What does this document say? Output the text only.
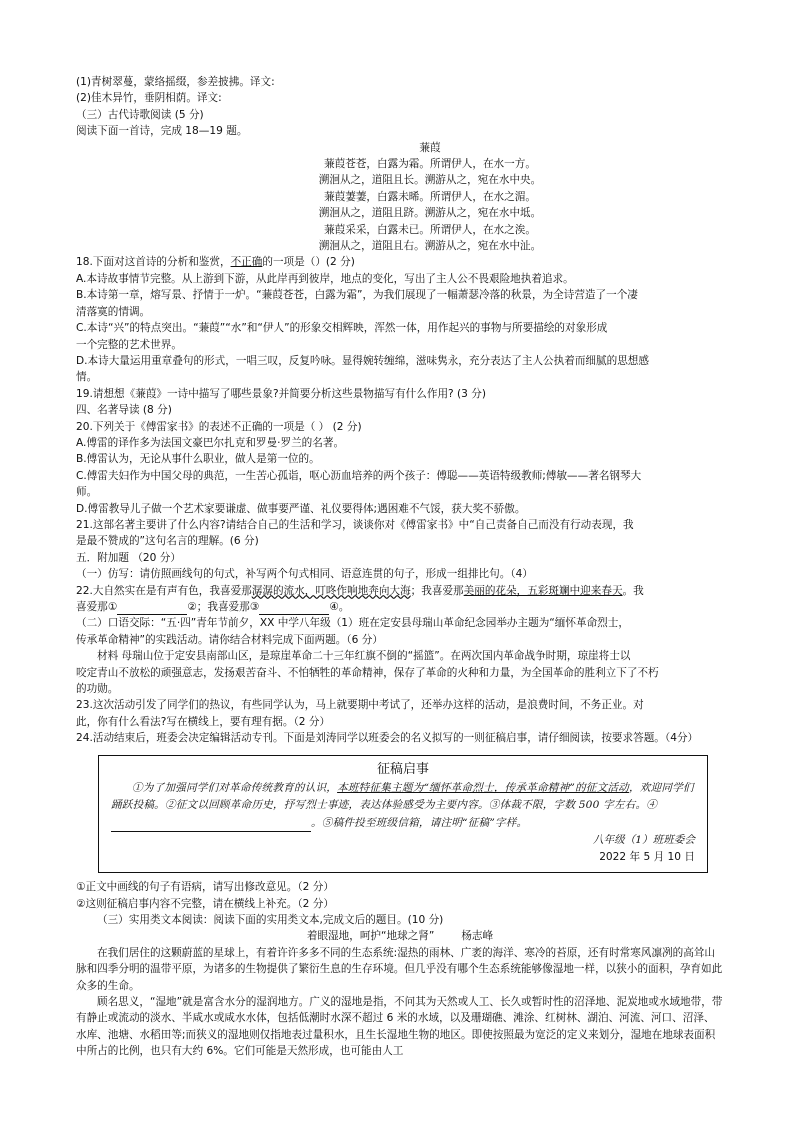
(1)青树翠蔓，蒙络摇缀，参差披拂。译文:
(2)佳木异竹，垂阴相荫。译文:
（三）古代诗歌阅读 (5 分)
阅读下面一首诗，完成 18—19 题。
蒹葭
蒹葭苍苍，白露为霜。所谓伊人，在水一方。
溯洄从之，道阻且长。溯游从之，宛在水中央。
蒹葭萋萋，白露未晞。所谓伊人，在水之湄。
溯洄从之，道阻且跻。溯游从之，宛在水中坻。
蒹葭采采，白露未已。所谓伊人，在水之涘。
溯洄从之，道阻且右。溯游从之，宛在水中沚。
18.下面对这首诗的分析和鉴赏，不正确的一项是（）(2 分)
A.本诗故事情节完整。从上游到下游，从此岸再到彼岸，地点的变化，写出了主人公不畏艰险地执着追求。
B.本诗第一章，熔写景、抒情于一炉。“蒹葭苍苍，白露为霜”，为我们展现了一幅萧瑟冷落的秋景，为全诗营造了一个凄
清落寞的情调。
C.本诗“兴”的特点突出。“蒹葭”“水”和“伊人”的形象交相辉映，浑然一体，用作起兴的事物与所要描绘的对象形成
一个完整的艺术世界。
D.本诗大量运用重章叠句的形式，一唱三叹，反复吟咏。显得婉转缠绵，滋味隽永，充分表达了主人公执着而细腻的思想感
情。
19.请想想《蒹葭》一诗中描写了哪些景象?并简要分析这些景物描写有什么作用? (3 分)
四、名著导读 (8 分)
20.下列关于《傅雷家书》的表述不正确的一项是（ ） (2 分)
A.傅雷的译作多为法国文豪巴尔扎克和罗曼·罗兰的名著。
B.傅雷认为，无论从事什么职业，做人是第一位的。
C.傅雷夫妇作为中国父母的典范，一生苦心孤诣，呕心沥血培养的两个孩子：傅聪——英语特级教师;傅敏——著名钢琴大
师。
D.傅雷教导儿子做一个艺术家要谦虚、做事要严谨、礼仪要得体;遇困难不气馁，获大奖不骄傲。
21.这部名著主要讲了什么内容?请结合自己的生活和学习，谈谈你对《傅雷家书》中“自己责备自己而没有行动表现，我
是最不赞成的”这句名言的理解。(6 分)
五．附加题 （20 分）
（一）仿写：请仿照画线句的句式，补写两个句式相同、语意连贯的句子，形成一组排比句。（4）
22.大自然实在是有声有色，我喜爱那潺潺的流水，叮咚作响地奔向大海；我喜爱那美丽的花朵，五彩斑斓中迎来春天。我
喜爱那①	②；我喜爱那③	④。
（二）口语交际：“五·四”青年节前夕，XX 中学八年级（1）班在定安县母瑞山革命纪念园举办主题为“缅怀革命烈士，
传承革命精神”的实践活动。请你结合材料完成下面两题。（6 分）
材料 母瑞山位于定安县南部山区，是琼崖革命二十三年红旗不倒的“摇篮”。在两次国内革命战争时期，琼崖将士以
咬定青山不放松的顽强意志，发扬艰苦奋斗、不怕牺牲的革命精神，保存了革命的火种和力量，为全国革命的胜利立下了不朽
的功勋。
23.这次活动引发了同学们的热议，有些同学认为，马上就要期中考试了，还举办这样的活动，是浪费时间，不务正业。对
此，你有什么看法?写在横线上，要有理有据。（2 分）
24.活动结束后，班委会决定编辑活动专刊。下面是刘涛同学以班委会的名义拟写的一则征稿启事，请仔细阅读，按要求答题。（4分）
征稿启事
①为了加强同学们对革命传统教育的认识，本班特征集主题为“缅怀革命烈士，传承革命精神”的征文活动，欢迎同学们踊跃投稿。②征文以回顾革命历史，抒写烈士事迹，表达体验感受为主要内容。③体裁不限，字数 500 字左右。④。⑤稿件投至班级信箱，请注明“征稿”字样。
八年级（1）班班委会
2022 年 5 月 10 日
①正文中画线的句子有语病，请写出修改意见。（2 分）
②这则征稿启事内容不完整，请在横线上补充。（2 分）
（三）实用类文本阅读：阅读下面的实用类文本,完成文后的题目。(10 分)
着眼湿地，呵护“地球之肾”	杨志峰
在我们居住的这颗蔚蓝的星球上，有着许许多多不同的生态系统:湿热的雨林、广袤的海洋、寒冷的苔原，还有时常寒风凛冽的高耸山脉和四季分明的温带平原，为诸多的生物提供了繁衍生息的生存环境。但几乎没有哪个生态系统能够像湿地一样，以狭小的面积，孕育如此众多的生命。
顾名思义，“湿地”就是富含水分的湿润地方。广义的湿地是指，不问其为天然或人工、长久或暂时性的沼泽地、泥炭地或水域地带，带有静止或流动的淡水、半咸水或咸水水体，包括低潮时水深不超过 6 米的水域，以及珊瑚礁、滩涂、红树林、湖泊、河流、河口、沼泽、水库、池塘、水稻田等;而狭义的湿地则仅指地表过量积水，且生长湿地生物的地区。即使按照最为宽泛的定义来划分，湿地在地球表面积中所占的比例，也只有大约 6%。它们可能是天然形成，也可能由人工
